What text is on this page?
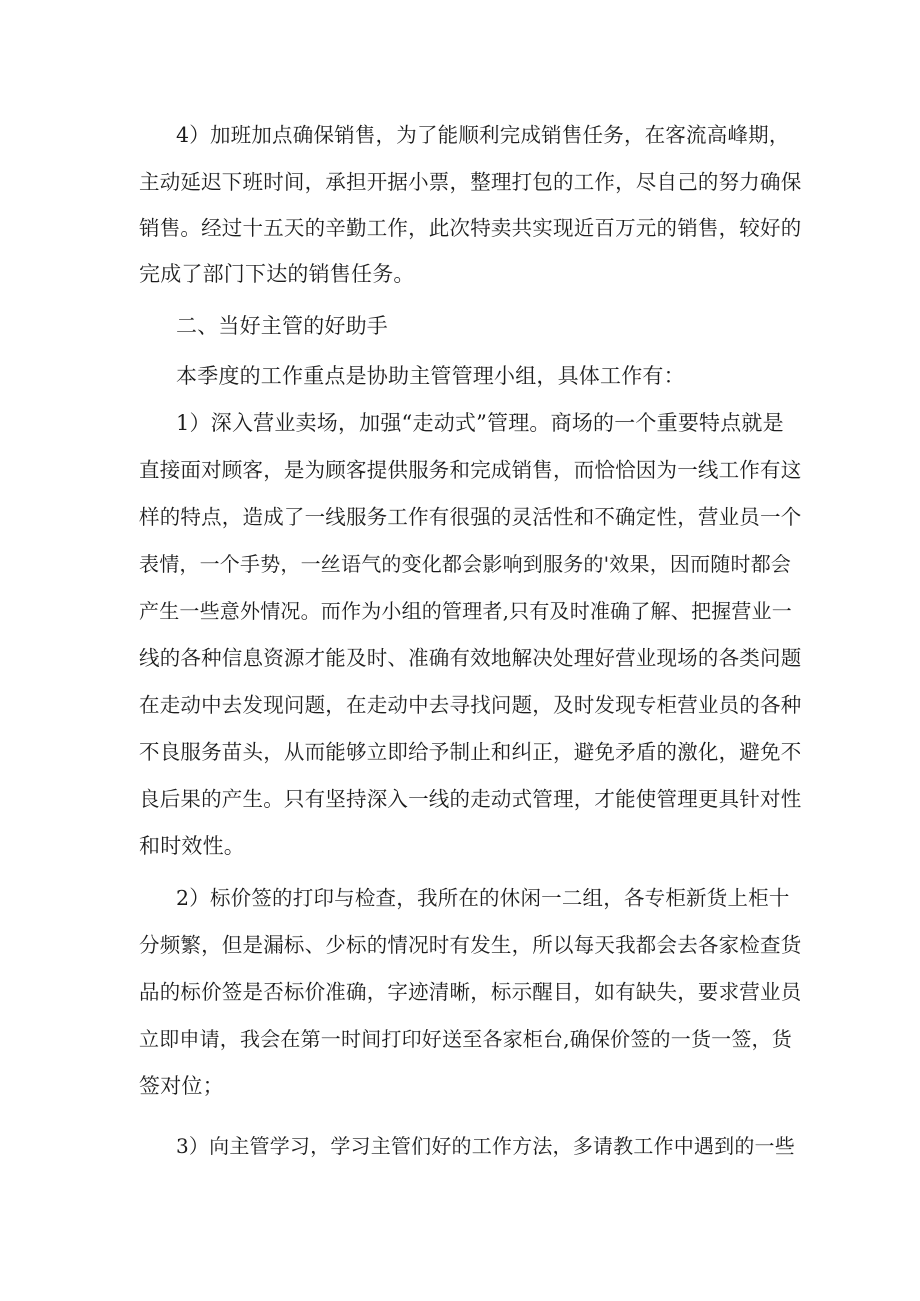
4）加班加点确保销售，为了能顺利完成销售任务，在客流高峰期，
主动延迟下班时间，承担开据小票，整理打包的工作，尽自己的努力确保
销售。经过十五天的辛勤工作，此次特卖共实现近百万元的销售，较好的
完成了部门下达的销售任务。
二、当好主管的好助手
本季度的工作重点是协助主管管理小组，具体工作有：
1）深入营业卖场，加强“走动式”管理。商场的一个重要特点就是
直接面对顾客，是为顾客提供服务和完成销售，而恰恰因为一线工作有这
样的特点，造成了一线服务工作有很强的灵活性和不确定性，营业员一个
表情，一个手势，一丝语气的变化都会影响到服务的'效果，因而随时都会
产生一些意外情况。而作为小组的管理者,只有及时准确了解、把握营业一
线的各种信息资源才能及时、准确有效地解决处理好营业现场的各类问题
在走动中去发现问题，在走动中去寻找问题，及时发现专柜营业员的各种
不良服务苗头，从而能够立即给予制止和纠正，避免矛盾的激化，避免不
良后果的产生。只有坚持深入一线的走动式管理，才能使管理更具针对性
和时效性。
2）标价签的打印与检查，我所在的休闲一二组，各专柜新货上柜十
分频繁，但是漏标、少标的情况时有发生，所以每天我都会去各家检查货
品的标价签是否标价准确，字迹清晰，标示醒目，如有缺失，要求营业员
立即申请，我会在第一时间打印好送至各家柜台,确保价签的一货一签，货
签对位；
3）向主管学习，学习主管们好的工作方法，多请教工作中遇到的一些
